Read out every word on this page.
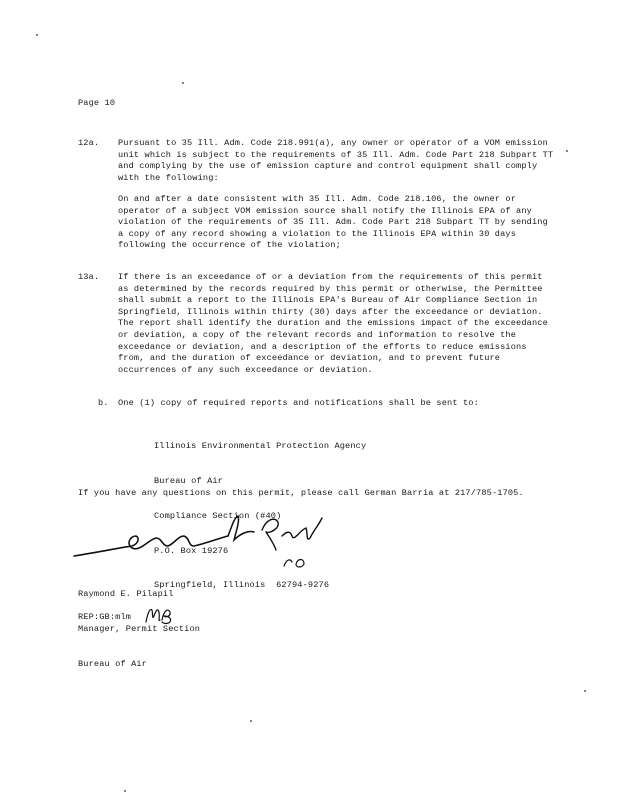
Page 10
12a. Pursuant to 35 Ill. Adm. Code 218.991(a), any owner or operator of a VOM emission unit which is subject to the requirements of 35 Ill. Adm. Code Part 218 Subpart TT and complying by the use of emission capture and control equipment shall comply with the following:
On and after a date consistent with 35 Ill. Adm. Code 218.106, the owner or operator of a subject VOM emission source shall notify the Illinois EPA of any violation of the requirements of 35 Ill. Adm. Code Part 218 Subpart TT by sending a copy of any record showing a violation to the Illinois EPA within 30 days following the occurrence of the violation;
13a. If there is an exceedance of or a deviation from the requirements of this permit as determined by the records required by this permit or otherwise, the Permittee shall submit a report to the Illinois EPA's Bureau of Air Compliance Section in Springfield, Illinois within thirty (30) days after the exceedance or deviation.  The report shall identify the duration and the emissions impact of the exceedance or deviation, a copy of the relevant records and information to resolve the exceedance or deviation, and a description of the efforts to reduce emissions from, and the duration of exceedance or deviation, and to prevent future occurrences of any such exceedance or deviation.
b. One (1) copy of required reports and notifications shall be sent to:

Illinois Environmental Protection Agency

Bureau of Air

Compliance Section (#40)

P.O. Box 19276

Springfield, Illinois  62794-9276

If you have any questions on this permit, please call German Barria at 217/785-1705.

Raymond E. Pilapil

Manager, Permit Section

Bureau of Air

REP:GB:mlm
